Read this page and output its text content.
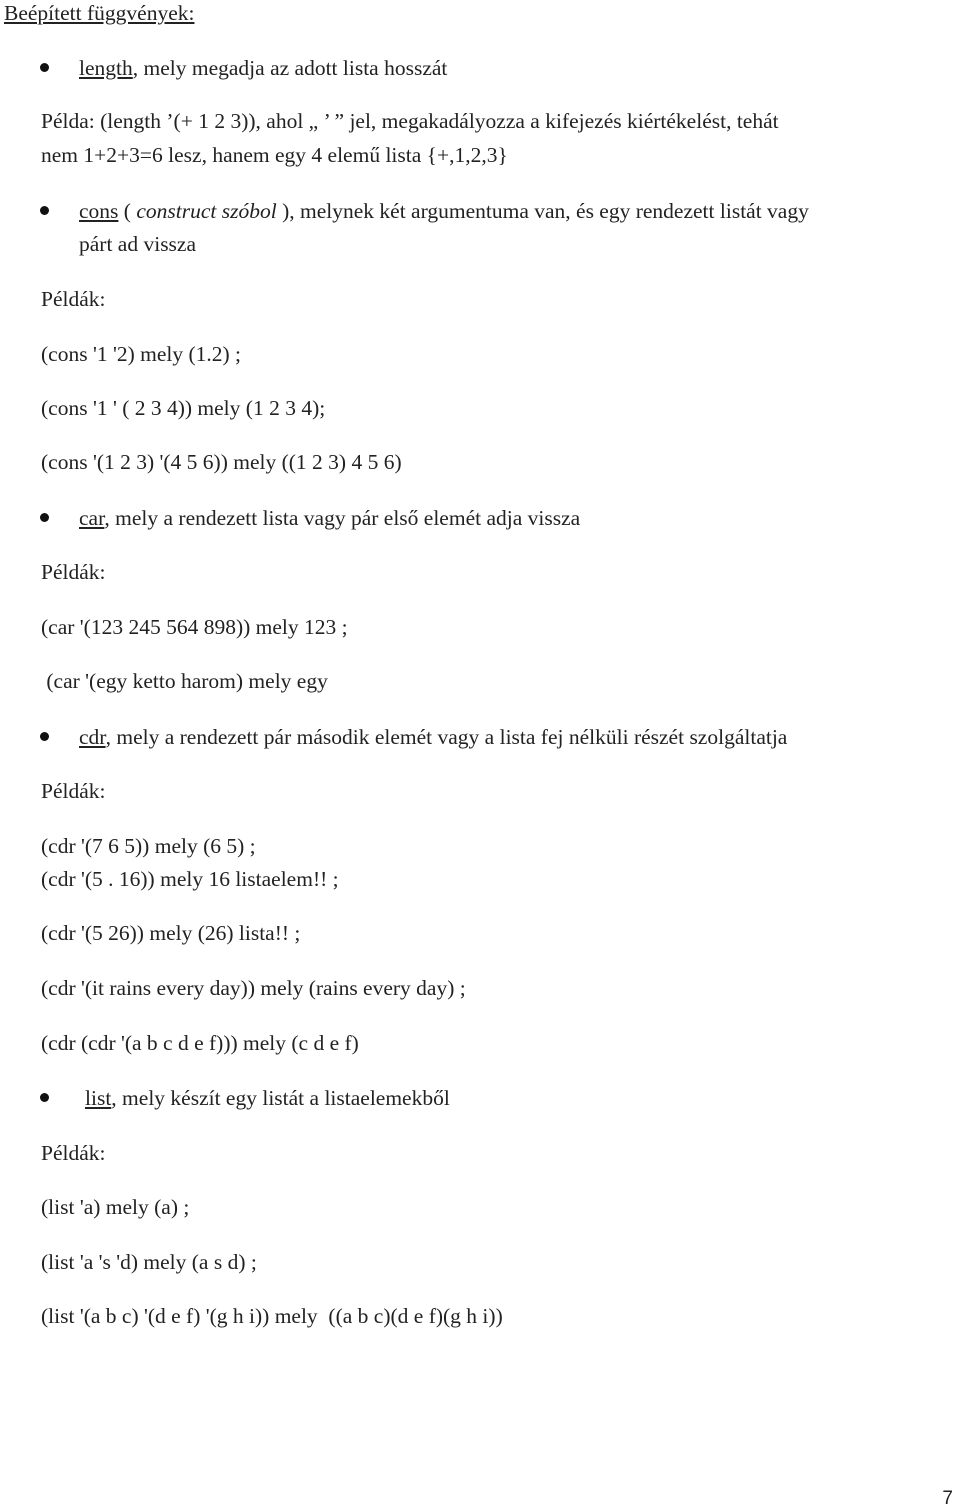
Beépített függvények:
length, mely megadja az adott lista hosszát
Példa: (length ’(+ 1 2 3)), ahol „ ’ ” jel, megakadályozza a kifejezés kiértékelést, tehát
nem 1+2+3=6 lesz, hanem egy 4 elemű lista {+,1,2,3}
cons ( construct szóbol ), melynek két argumentuma van, és egy rendezett listát vagy
párt ad vissza
Példák:
(cons '1 '2) mely (1.2) ;
(cons '1 ' ( 2 3 4)) mely (1 2 3 4);
(cons '(1 2 3) '(4 5 6)) mely ((1 2 3) 4 5 6)
car, mely a rendezett lista vagy pár első elemét adja vissza
Példák:
(car '(123 245 564 898)) mely 123 ;
(car '(egy ketto harom) mely egy
cdr, mely a rendezett pár második elemét vagy a lista fej nélküli részét szolgáltatja
Példák:
(cdr '(7 6 5)) mely (6 5) ;
(cdr '(5 . 16)) mely 16 listaelem!! ;
(cdr '(5 26)) mely (26) lista!! ;
(cdr '(it rains every day)) mely (rains every day) ;
(cdr (cdr '(a b c d e f))) mely (c d e f)
list, mely készít egy listát a listaelemekből
Példák:
(list 'a) mely (a) ;
(list 'a 's 'd) mely (a s d) ;
(list '(a b c) '(d e f) '(g h i)) mely  ((a b c)(d e f)(g h i))
7
